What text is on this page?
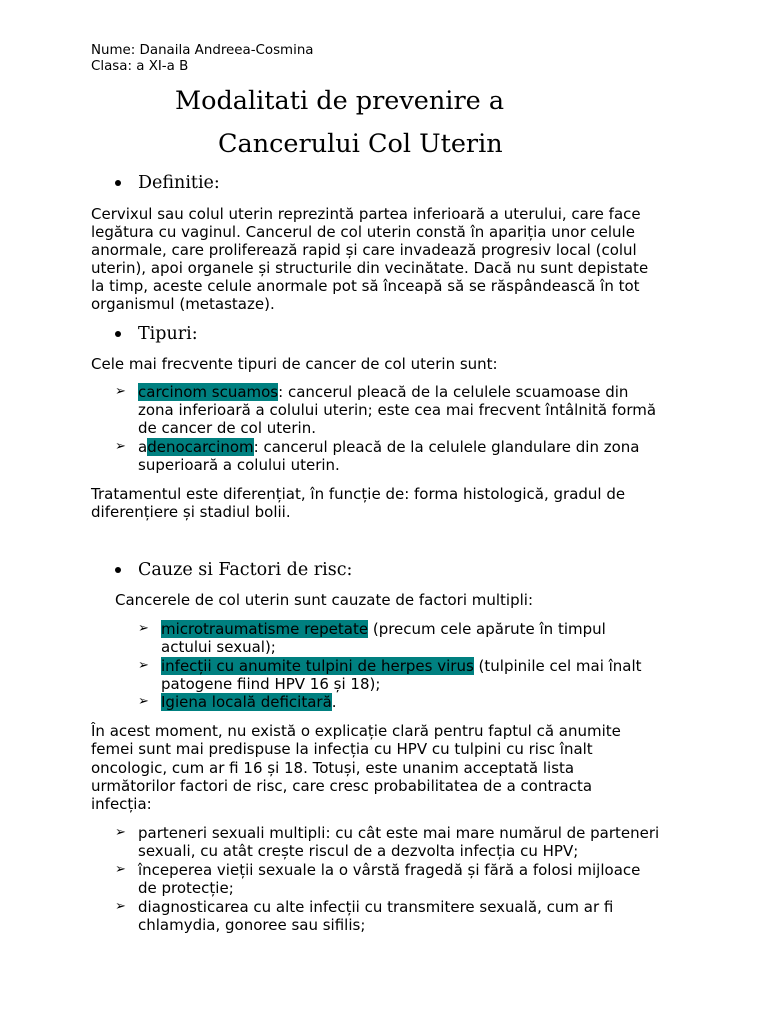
Nume: Danaila Andreea-Cosmina
Clasa: a XI-a B
Modalitati de prevenire a
Cancerului Col Uterin
Definitie:
Cervixul sau colul uterin reprezintă partea inferioară a uterului, care face
legătura cu vaginul. Cancerul de col uterin constă în apariția unor celule
anormale, care proliferează rapid și care invadează progresiv local (colul
uterin), apoi organele și structurile din vecinătate. Dacă nu sunt depistate
la timp, aceste celule anormale pot să înceapă să se răspândească în tot
organismul (metastaze).
Tipuri:
Cele mai frecvente tipuri de cancer de col uterin sunt:
➢ carcinom scuamos: cancerul pleacă de la celulele scuamoase din
zona inferioară a colului uterin; este cea mai frecvent întâlnită formă
de cancer de col uterin.
➢ adenocarcinom: cancerul pleacă de la celulele glandulare din zona
superioară a colului uterin.
Tratamentul este diferențiat, în funcție de: forma histologică, gradul de
diferențiere și stadiul bolii.
Cauze si Factori de risc:
Cancerele de col uterin sunt cauzate de factori multipli:
➢ microtraumatisme repetate (precum cele apărute în timpul
actului sexual);
➢ infecții cu anumite tulpini de herpes virus (tulpinile cel mai înalt
patogene fiind HPV 16 și 18);
➢ Igiena locală deficitară.
În acest moment, nu există o explicație clară pentru faptul că anumite
femei sunt mai predispuse la infecția cu HPV cu tulpini cu risc înalt
oncologic, cum ar fi 16 și 18. Totuși, este unanim acceptată lista
următorilor factori de risc, care cresc probabilitatea de a contracta
infecția:
➢ parteneri sexuali multipli: cu cât este mai mare numărul de parteneri
sexuali, cu atât crește riscul de a dezvolta infecția cu HPV;
➢ începerea vieții sexuale la o vârstă fragedă și fără a folosi mijloace
de protecție;
➢ diagnosticarea cu alte infecții cu transmitere sexuală, cum ar fi
chlamydia, gonoree sau sifilis;
